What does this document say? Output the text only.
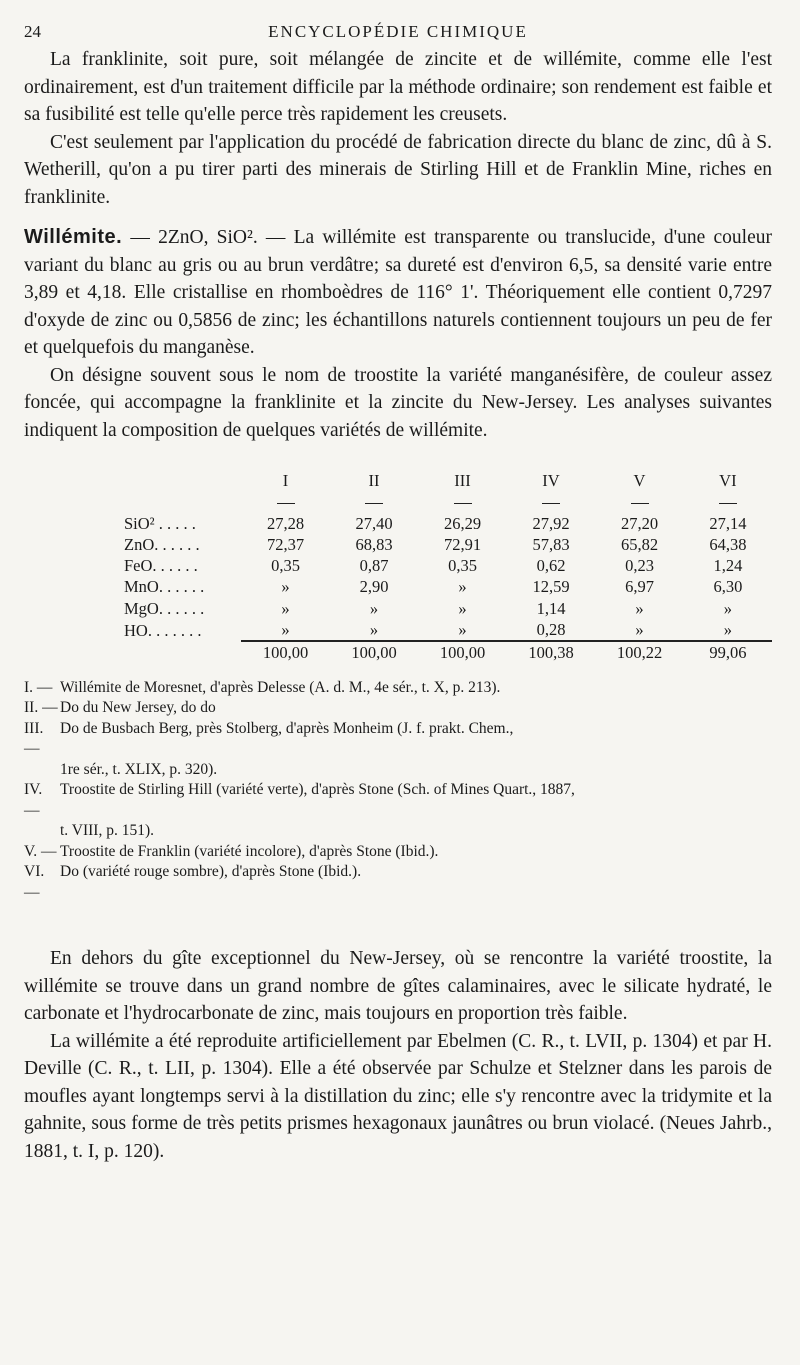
24	ENCYCLOPÉDIE CHIMIQUE

La franklinite, soit pure, soit mélangée de zincite et de willémite, comme elle l'est ordinairement, est d'un traitement difficile par la méthode ordinaire; son rendement est faible et sa fusibilité est telle qu'elle perce très rapidement les creusets.

C'est seulement par l'application du procédé de fabrication directe du blanc de zinc, dû à S. Wetherill, qu'on a pu tirer parti des minerais de Stirling Hill et de Franklin Mine, riches en franklinite.

Willémite. — 2ZnO, SiO². — La willémite est transparente ou translucide, d'une couleur variant du blanc au gris ou au brun verdâtre; sa dureté est d'environ 6,5, sa densité varie entre 3,89 et 4,18. Elle cristallise en rhomboèdres de 116° 1'. Théoriquement elle contient 0,7297 d'oxyde de zinc ou 0,5856 de zinc; les échantillons naturels contiennent toujours un peu de fer et quelquefois du manganèse.

On désigne souvent sous le nom de troostite la variété manganésifère, de couleur assez foncée, qui accompagne la franklinite et la zincite du New-Jersey. Les analyses suivantes indiquent la composition de quelques variétés de willémite.

	I	II	III	IV	V	VI

SiO² . . . . .	27,28	27,40	26,29	27,92	27,20	27,14
ZnO. . . . . .	72,37	68,83	72,91	57,83	65,82	64,38
FeO. . . . . .	0,35	0,87	0,35	0,62	0,23	1,24
MnO. . . . . .	»	2,90	»	12,59	6,97	6,30
MgO. . . . . .	»	»	»	1,14	»	»
HO. . . . . . .	»	»	»	0,28	»	»
	100,00	100,00	100,00	100,38	100,22	99,06
I. — Willémite de Moresnet, d'après Delesse (A. d. M., 4e sér., t. X, p. 213).
II. — Do du New Jersey, do do
III. —
Do de Busbach Berg, près Stolberg, d'après Monheim (J. f. prakt. Chem.,
1re sér., t. XLIX, p. 320).
IV. —
Troostite de Stirling Hill (variété verte), d'après Stone (Sch. of Mines Quart., 1887,
t. VIII, p. 151).
V. — Troostite de Franklin (variété incolore), d'après Stone (Ibid.).
VI. —
Do (variété rouge sombre), d'après Stone (Ibid.).

En dehors du gîte exceptionnel du New-Jersey, où se rencontre la variété troostite, la willémite se trouve dans un grand nombre de gîtes calaminaires, avec le silicate hydraté, le carbonate et l'hydrocarbonate de zinc, mais toujours en proportion très faible.

La willémite a été reproduite artificiellement par Ebelmen (C. R., t. LVII, p. 1304) et par H. Deville (C. R., t. LII, p. 1304). Elle a été observée par Schulze et Stelzner dans les parois de moufles ayant longtemps servi à la distillation du zinc; elle s'y rencontre avec la tridymite et la gahnite, sous forme de très petits prismes hexagonaux jaunâtres ou brun violacé. (Neues Jahrb., 1881, t. I, p. 120).
